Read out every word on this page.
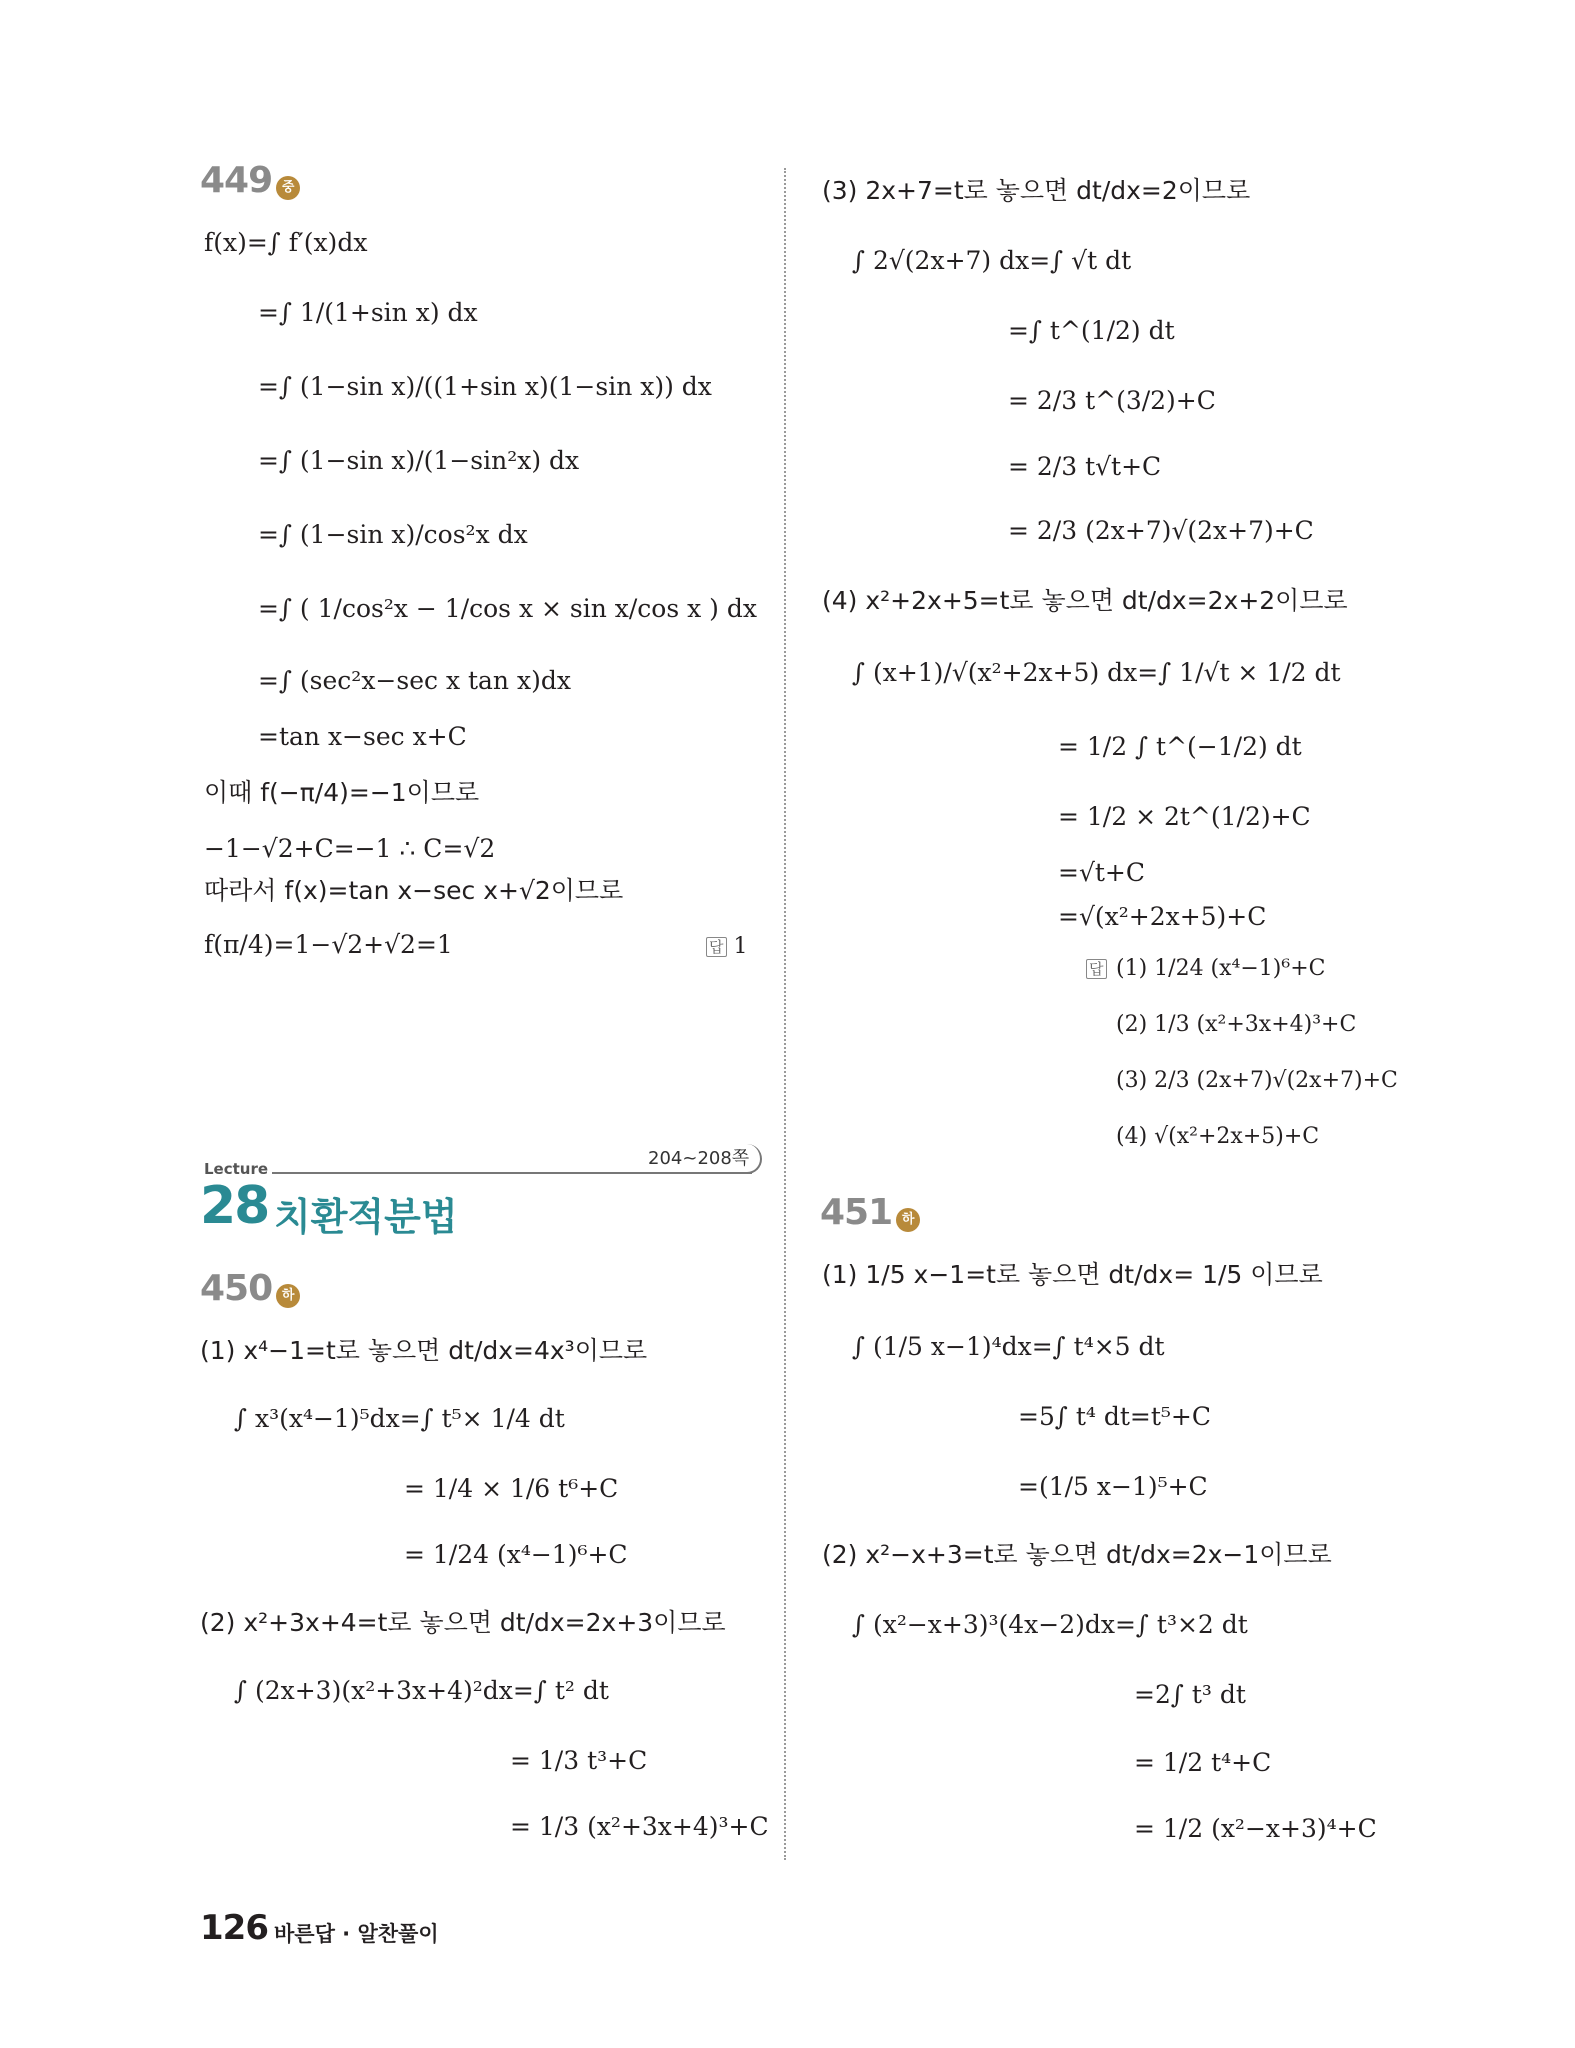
449 중
f(x)=∫ f′(x)dx
=∫ 1/(1+sin x) dx
=∫ (1−sin x)/((1+sin x)(1−sin x)) dx
=∫ (1−sin x)/(1−sin²x) dx
=∫ (1−sin x)/cos²x dx
=∫ ( 1/cos²x − 1/cos x × sin x/cos x ) dx
=∫ (sec²x−sec x tan x)dx
=tan x−sec x+C
이때 f(−π/4)=−1이므로
−1−√2+C=−1 ∴ C=√2
따라서 f(x)=tan x−sec x+√2이므로
f(π/4)=1−√2+√2=1	답 1
Lecture	204~208쪽
28 치환적분법
450 하
(1) x⁴−1=t로 놓으면 dt/dx=4x³이므로
∫ x³(x⁴−1)⁵dx=∫ t⁵× 1/4 dt
= 1/4 × 1/6 t⁶+C
= 1/24 (x⁴−1)⁶+C
(2) x²+3x+4=t로 놓으면 dt/dx=2x+3이므로
∫ (2x+3)(x²+3x+4)²dx=∫ t² dt
= 1/3 t³+C
= 1/3 (x²+3x+4)³+C
(3) 2x+7=t로 놓으면 dt/dx=2이므로
∫ 2√(2x+7) dx=∫ √t dt
=∫ t^(1/2) dt
= 2/3 t^(3/2)+C
= 2/3 t√t+C
= 2/3 (2x+7)√(2x+7)+C
(4) x²+2x+5=t로 놓으면 dt/dx=2x+2이므로
∫ (x+1)/√(x²+2x+5) dx=∫ 1/√t × 1/2 dt
= 1/2 ∫ t^(−1/2) dt
= 1/2 × 2t^(1/2)+C
=√t+C
=√(x²+2x+5)+C
답 (1) 1/24 (x⁴−1)⁶+C
(2) 1/3 (x²+3x+4)³+C
(3) 2/3 (2x+7)√(2x+7)+C
(4) √(x²+2x+5)+C
451 하
(1) 1/5 x−1=t로 놓으면 dt/dx= 1/5 이므로
∫ (1/5 x−1)⁴dx=∫ t⁴×5 dt
=5∫ t⁴ dt=t⁵+C
=(1/5 x−1)⁵+C
(2) x²−x+3=t로 놓으면 dt/dx=2x−1이므로
∫ (x²−x+3)³(4x−2)dx=∫ t³×2 dt
=2∫ t³ dt
= 1/2 t⁴+C
= 1/2 (x²−x+3)⁴+C
126 바른답 · 알찬풀이
